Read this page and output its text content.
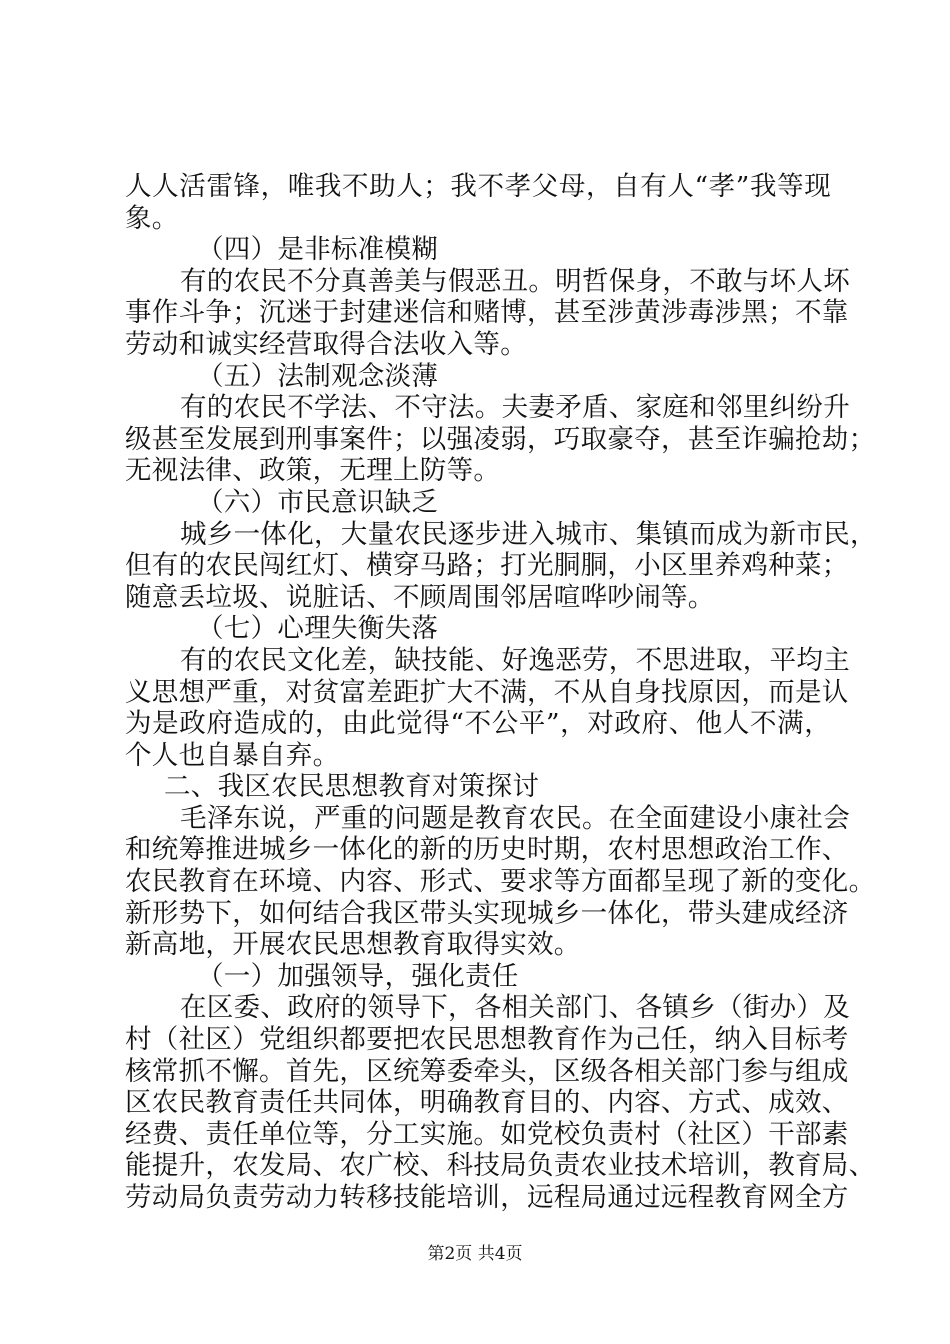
人人活雷锋，唯我不助人；我不孝父母，自有人“孝”我等现
象。
（四）是非标准模糊
有的农民不分真善美与假恶丑。明哲保身，不敢与坏人坏
事作斗争；沉迷于封建迷信和赌博，甚至涉黄涉毒涉黑；不靠
劳动和诚实经营取得合法收入等。
（五）法制观念淡薄
有的农民不学法、不守法。夫妻矛盾、家庭和邻里纠纷升
级甚至发展到刑事案件；以强凌弱，巧取豪夺，甚至诈骗抢劫；
无视法律、政策，无理上防等。
（六）市民意识缺乏
城乡一体化，大量农民逐步进入城市、集镇而成为新市民，
但有的农民闯红灯、横穿马路；打光胴胴，小区里养鸡种菜；
随意丢垃圾、说脏话、不顾周围邻居喧哗吵闹等。
（七）心理失衡失落
有的农民文化差，缺技能、好逸恶劳，不思进取，平均主
义思想严重，对贫富差距扩大不满，不从自身找原因，而是认
为是政府造成的，由此觉得“不公平”，对政府、他人不满，
个人也自暴自弃。
二、我区农民思想教育对策探讨
毛泽东说，严重的问题是教育农民。在全面建设小康社会
和统筹推进城乡一体化的新的历史时期，农村思想政治工作、
农民教育在环境、内容、形式、要求等方面都呈现了新的变化。
新形势下，如何结合我区带头实现城乡一体化，带头建成经济
新高地，开展农民思想教育取得实效。
（一）加强领导，强化责任
在区委、政府的领导下，各相关部门、各镇乡（街办）及
村（社区）党组织都要把农民思想教育作为己任，纳入目标考
核常抓不懈。首先，区统筹委牵头，区级各相关部门参与组成
区农民教育责任共同体，明确教育目的、内容、方式、成效、
经费、责任单位等，分工实施。如党校负责村（社区）干部素
能提升，农发局、农广校、科技局负责农业技术培训，教育局、
劳动局负责劳动力转移技能培训，远程局通过远程教育网全方
第2页 共4页
